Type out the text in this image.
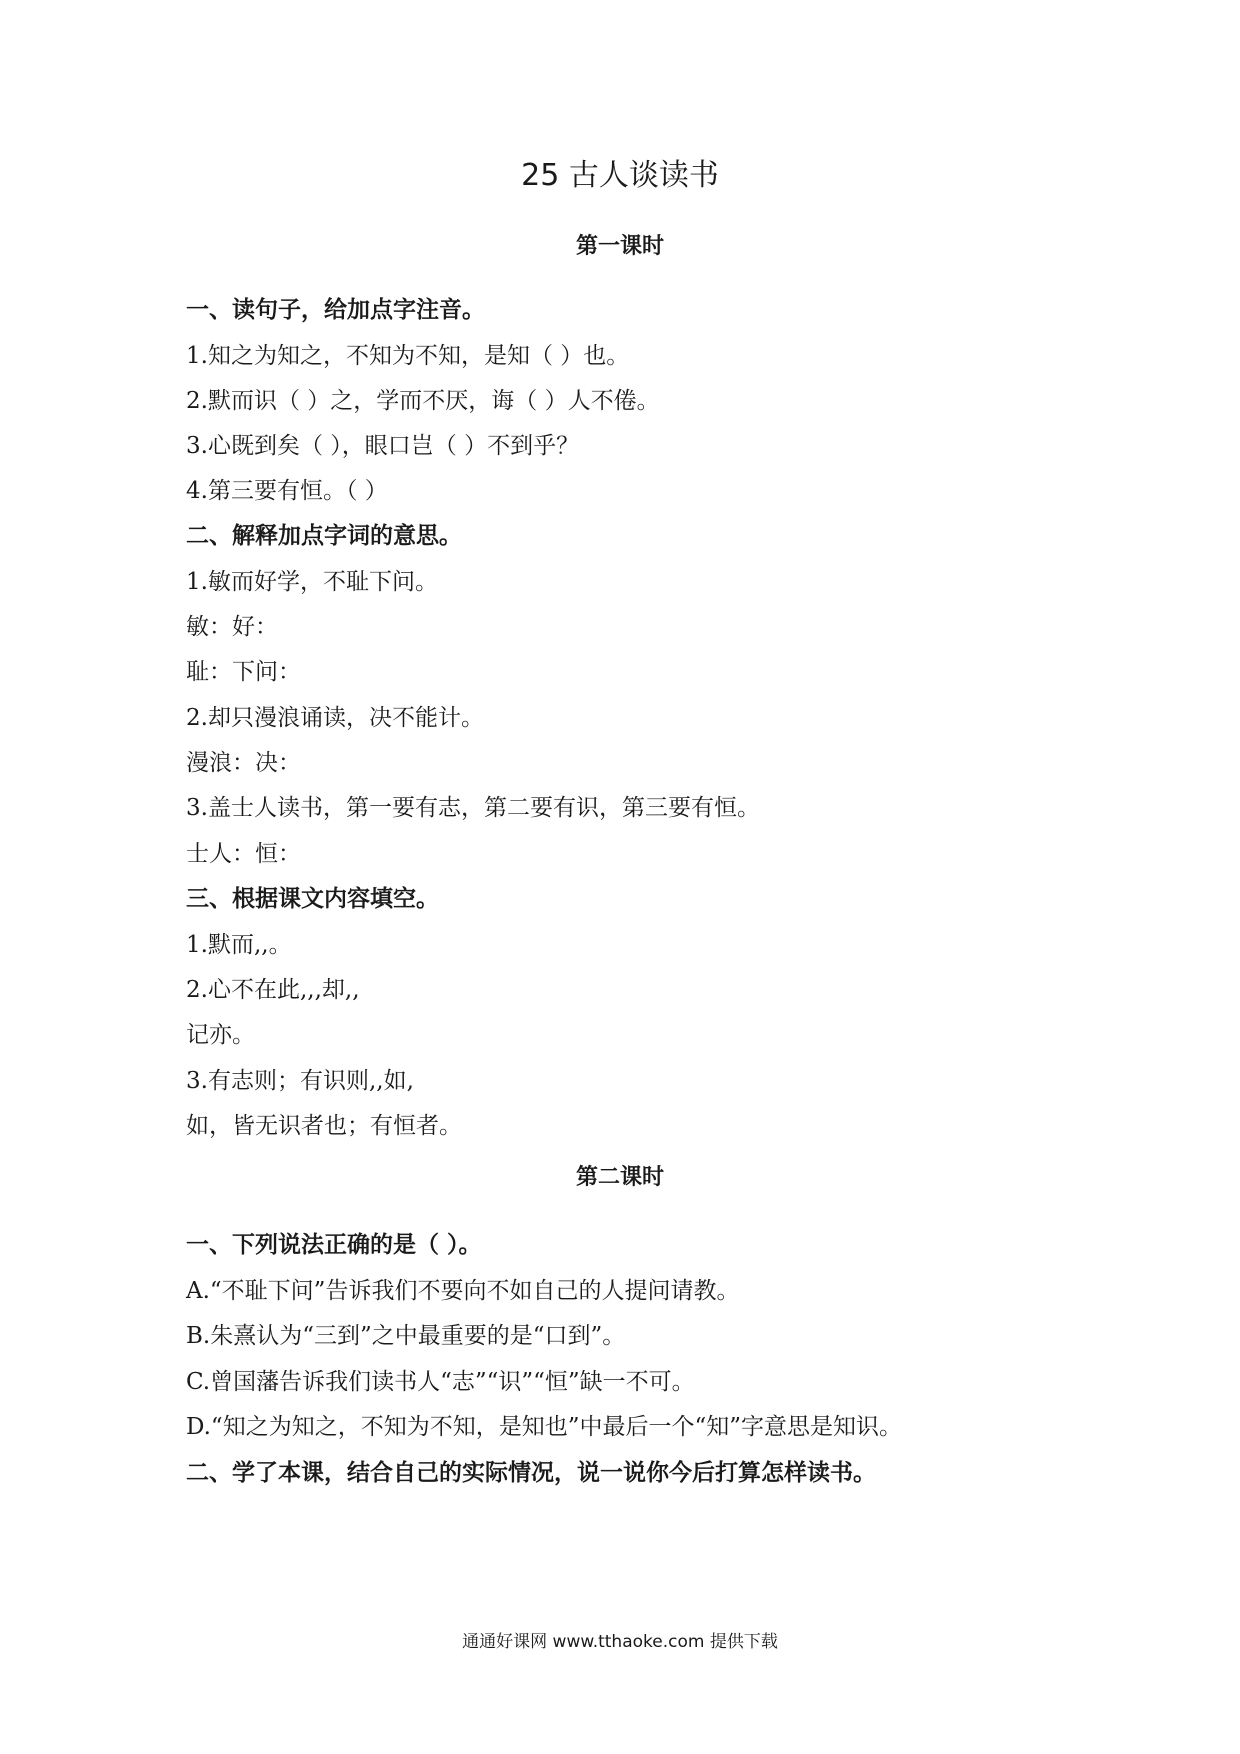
25 古人谈读书
第一课时
一、读句子，给加点字注音。
1.知之为知之，不知为不知，是知（ ）也。
2.默而识（ ）之，学而不厌，诲（ ）人不倦。
3.心既到矣（ ），眼口岂（ ）不到乎？
4.第三要有恒。（ ）
二、解释加点字词的意思。
1.敏而好学，不耻下问。
敏：好：
耻：下问：
2.却只漫浪诵读，决不能计。
漫浪：决：
3.盖士人读书，第一要有志，第二要有识，第三要有恒。
士人：恒：
三、根据课文内容填空。
1.默而,,。
2.心不在此,,,却,,
记亦。
3.有志则；有识则,,如,
如，皆无识者也；有恒者。
第二课时
一、下列说法正确的是（ ）。
A.“不耻下问”告诉我们不要向不如自己的人提问请教。
B.朱熹认为“三到”之中最重要的是“口到”。
C.曾国藩告诉我们读书人“志”“识”“恒”缺一不可。
D.“知之为知之，不知为不知，是知也”中最后一个“知”字意思是知识。
二、学了本课，结合自己的实际情况，说一说你今后打算怎样读书。
通通好课网 www.tthaoke.com 提供下载
